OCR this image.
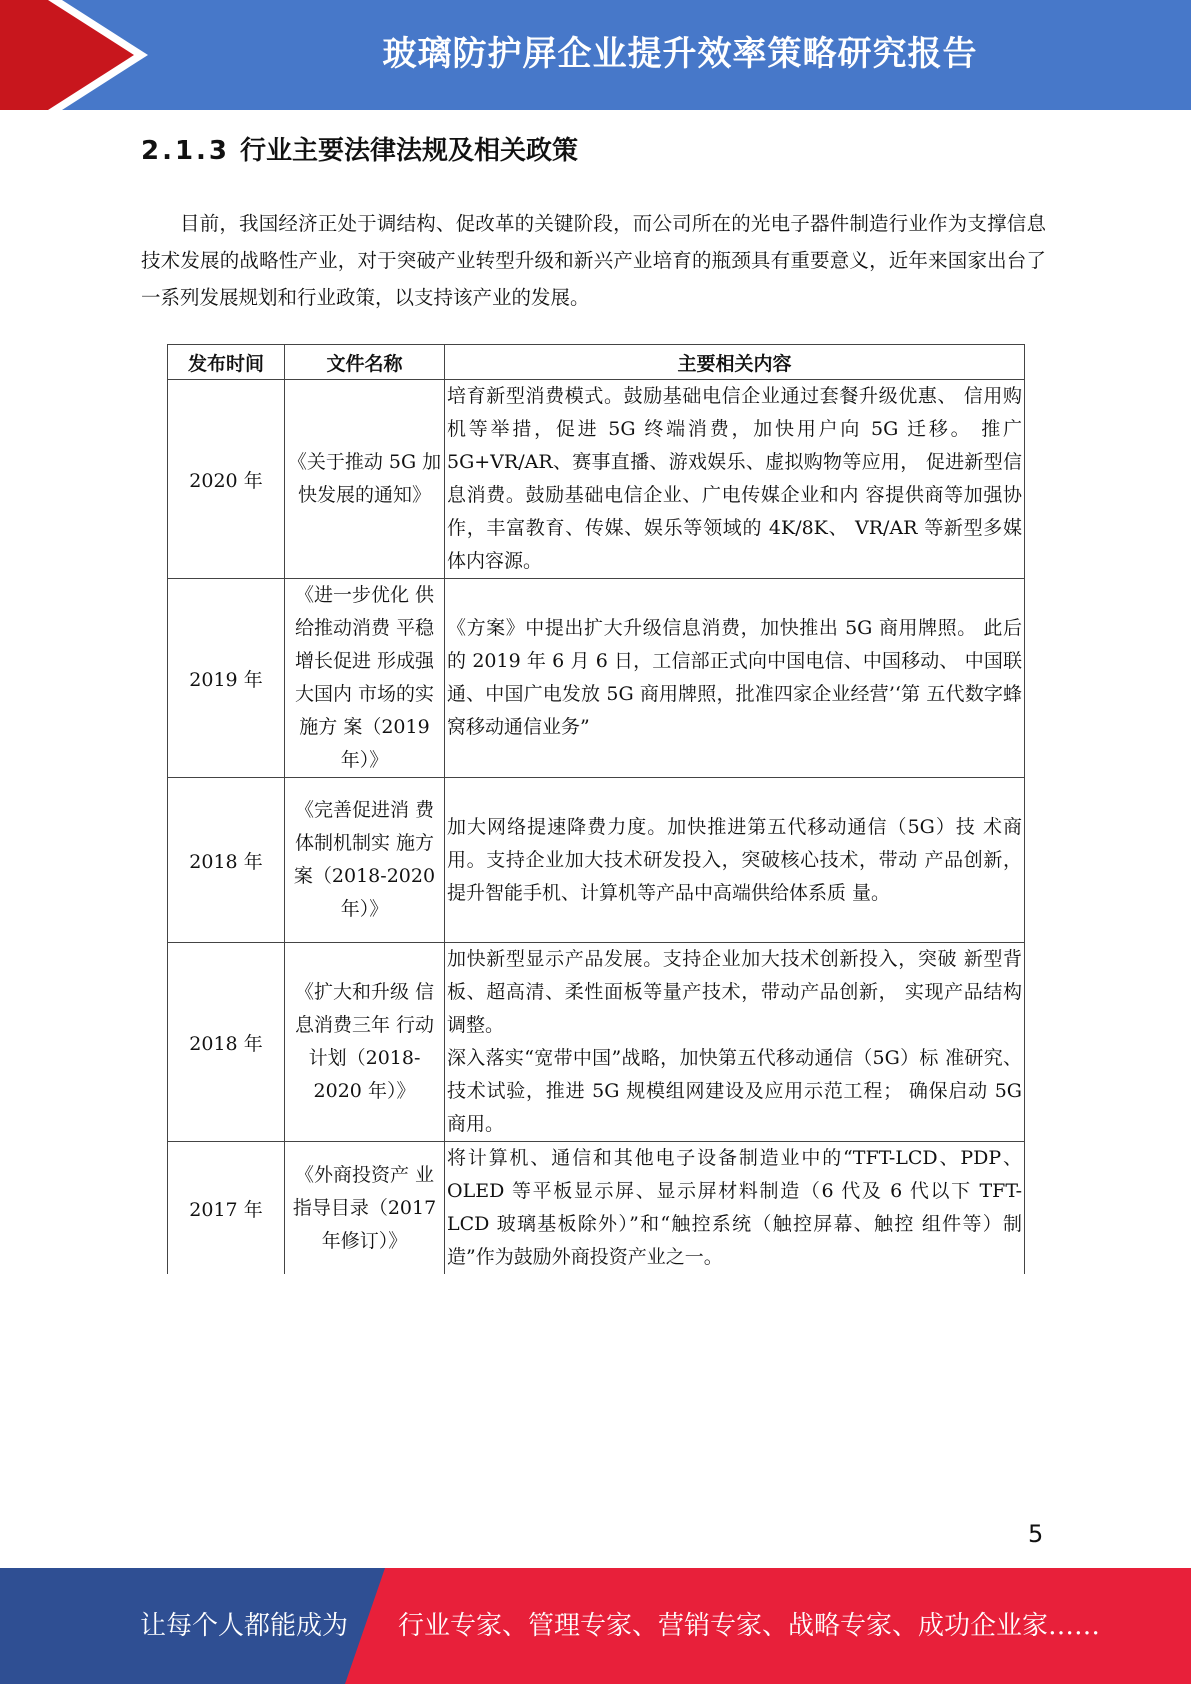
玻璃防护屏企业提升效率策略研究报告
2.1.3 行业主要法律法规及相关政策
目前，我国经济正处于调结构、促改革的关键阶段，而公司所在的光电子器件制造行业作为支撑信息技术发展的战略性产业，对于突破产业转型升级和新兴产业培育的瓶颈具有重要意义，近年来国家出台了一系列发展规划和行业政策，以支持该产业的发展。
发布时间	文件名称	主要相关内容
2020 年	《关于推动 5G 加快发展的通知》	培育新型消费模式。鼓励基础电信企业通过套餐升级优惠、 信用购机等举措，促进 5G 终端消费，加快用户向 5G 迁移。 推广 5G+VR/AR、赛事直播、游戏娱乐、虚拟购物等应用， 促进新型信息消费。鼓励基础电信企业、广电传媒企业和内 容提供商等加强协作，丰富教育、传媒、娱乐等领域的 4K/8K、 VR/AR 等新型多媒体内容源。

2019 年	《进一步优化 供给推动消费 平稳增长促进 形成强大国内 市场的实施方 案（2019 年）》	《方案》中提出扩大升级信息消费，加快推出 5G 商用牌照。 此后的 2019 年 6 月 6 日，工信部正式向中国电信、中国移动、 中国联通、中国广电发放 5G 商用牌照，批准四家企业经营’‘第 五代数字蜂窝移动通信业务”

2018 年	《完善促进消 费体制机制实 施方案（2018-2020 年）》	加大网络提速降费力度。加快推进第五代移动通信（5G）技 术商用。支持企业加大技术研发投入，突破核心技术，带动 产品创新，提升智能手机、计算机等产品中高端供给体系质 量。

2018 年	《扩大和升级 信息消费三年 行动计划（2018-2020 年）》	加快新型显示产品发展。支持企业加大技术创新投入，突破 新型背板、超高清、柔性面板等量产技术，带动产品创新， 实现产品结构调整。
深入落实“宽带中国”战略，加快第五代移动通信（5G）标 准研究、技术试验，推进 5G 规模组网建设及应用示范工程； 确保启动 5G 商用。

2017 年	《外商投资产 业指导目录（2017 年修订）》	将计算机、通信和其他电子设备制造业中的“TFT-LCD、PDP、OLED 等平板显示屏、显示屏材料制造（6 代及 6 代以下 TFT-LCD 玻璃基板除外）”和“触控系统（触控屏幕、触控 组件等）制造”作为鼓励外商投资产业之一。
5
让每个人都能成为 行业专家、管理专家、营销专家、战略专家、成功企业家……
